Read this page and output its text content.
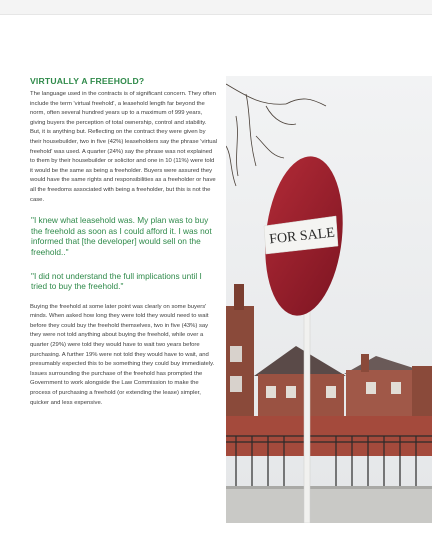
VIRTUALLY A FREEHOLD?

The language used in the contracts is of significant concern. They often include the term 'virtual freehold', a leasehold length far beyond the norm, often several hundred years up to a maximum of 999 years, giving buyers the perception of total ownership, control and stability. But, it is anything but. Reflecting on the contract they were given by their housebuilder, two in five (42%) leaseholders say the phrase 'virtual freehold' was used. A quarter (24%) say the phrase was not explained to them by their housebuilder or solicitor and one in 10 (11%) were told it would be the same as being a freeholder. Buyers were assured they would have the same rights and responsibilities as a freeholder or have all the freedoms associated with being a freeholder, but this is not the case.

"I knew what leasehold was. My plan was to buy the freehold as soon as I could afford it. I was not informed that [the developer] would sell on the freehold.."

"I did not understand the full implications until I tried to buy the freehold."

Buying the freehold at some later point was clearly on some buyers' minds. When asked how long they were told they would need to wait before they could buy the freehold themselves, two in five (43%) say they were not told anything about buying the freehold, while over a quarter (29%) were told they would have to wait two years before purchasing. A further 19% were not told they would have to wait, and presumably expected this to be something they could buy immediately. Issues surrounding the purchase of the freehold has prompted the Government to work alongside the Law Commission to make the process of purchasing a freehold (or extending the lease) simpler, quicker and less expensive.

FOR SALE
